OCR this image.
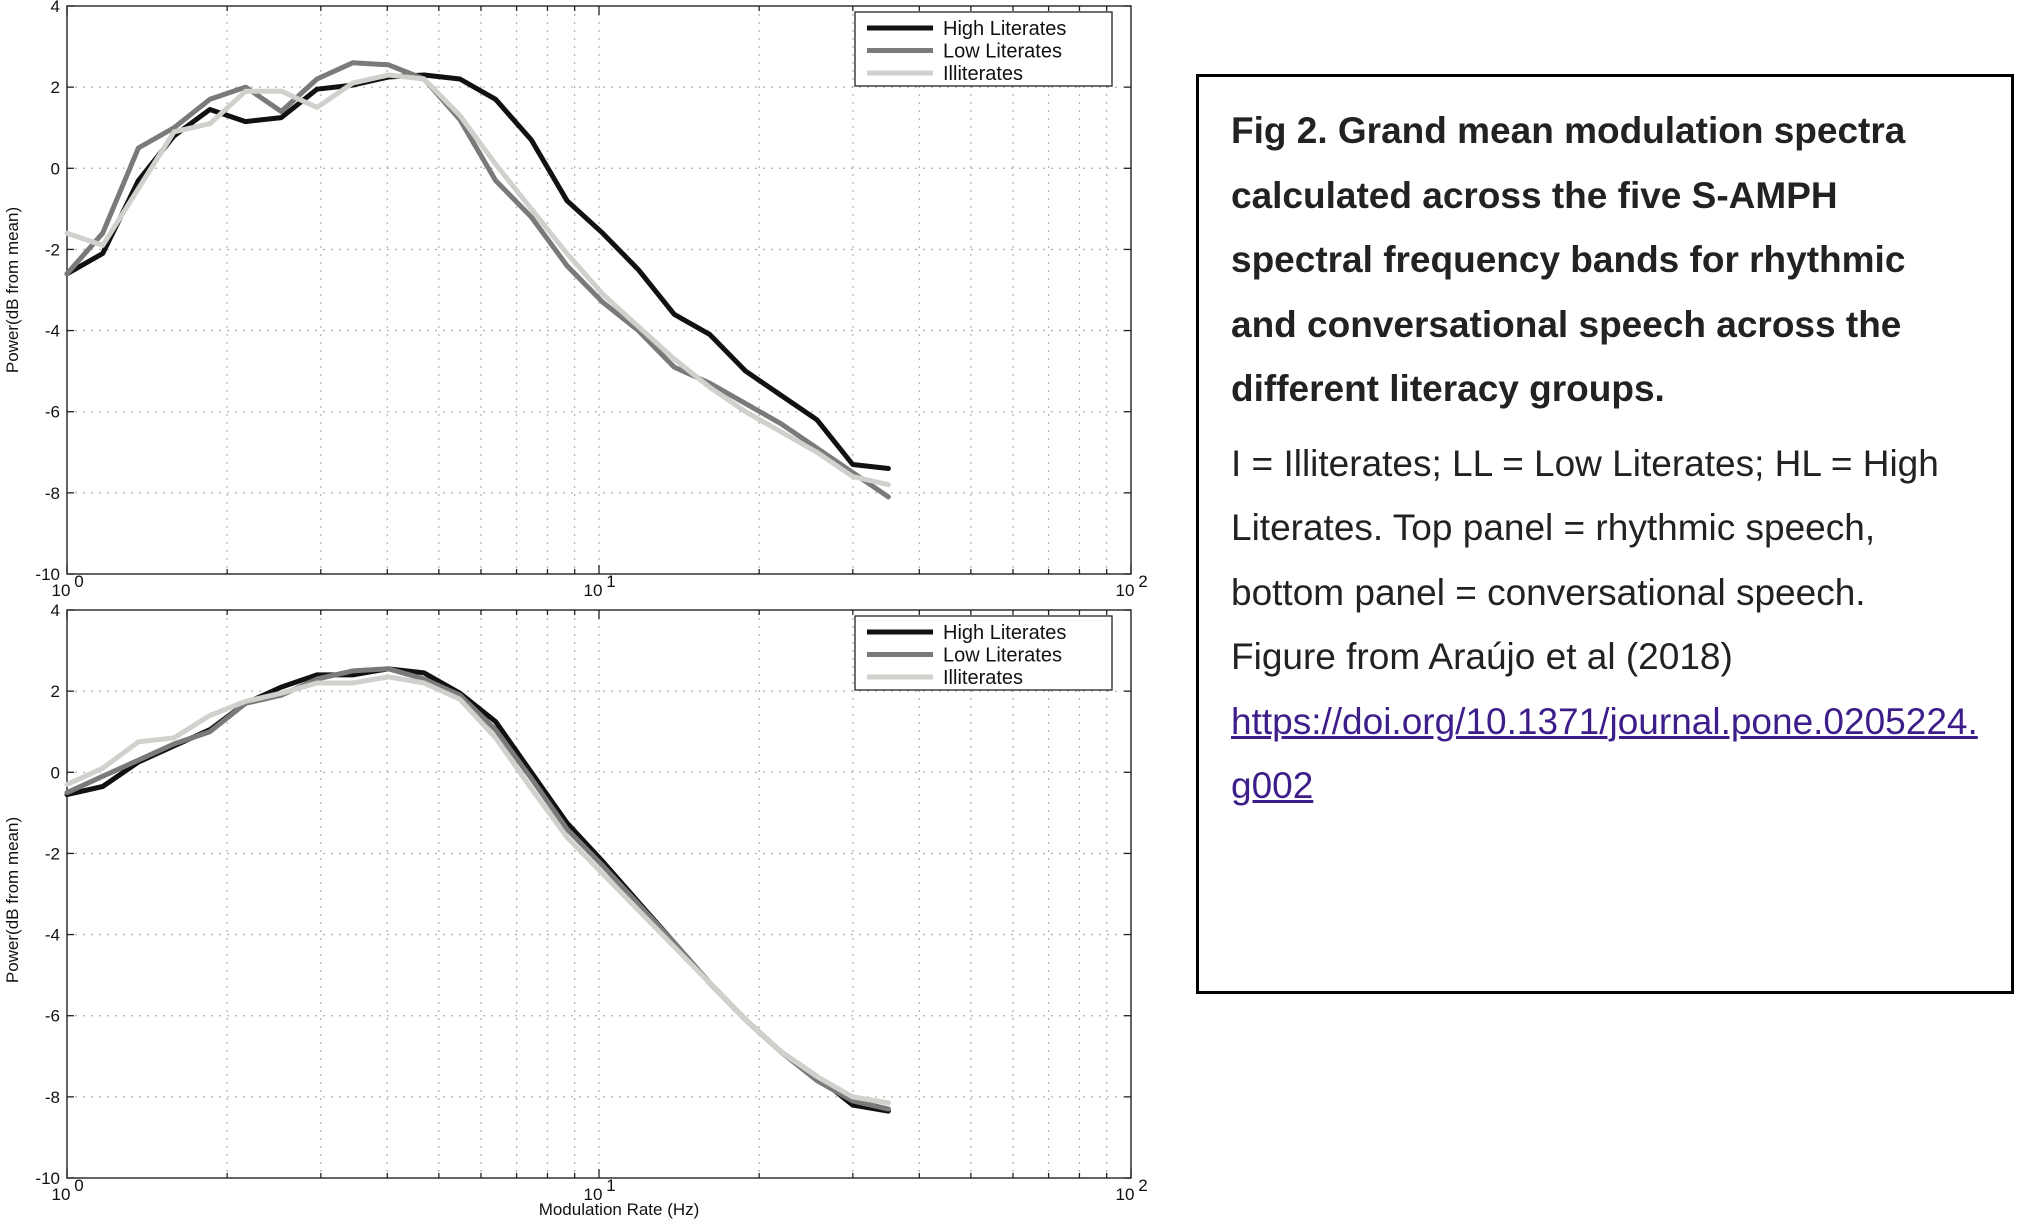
4
2
0
-2
-4
-6
-8
-10
10 0	10 1	10 2
Power(dB from mean)
High Literates
Low Literates
Illiterates
4
2
0
-2
-4
-6
-8
-10
10 0	10 1	10 2
Power(dB from mean)
Modulation Rate (Hz)
High Literates
Low Literates
Illiterates

Fig 2. Grand mean modulation spectra calculated across the five S-AMPH spectral frequency bands for rhythmic and conversational speech across the different literacy groups.

I = Illiterates; LL = Low Literates; HL = High Literates. Top panel = rhythmic speech, bottom panel = conversational speech.

Figure from Araújo et al (2018)

https://doi.org/10.1371/journal.pone.0205224.g002
